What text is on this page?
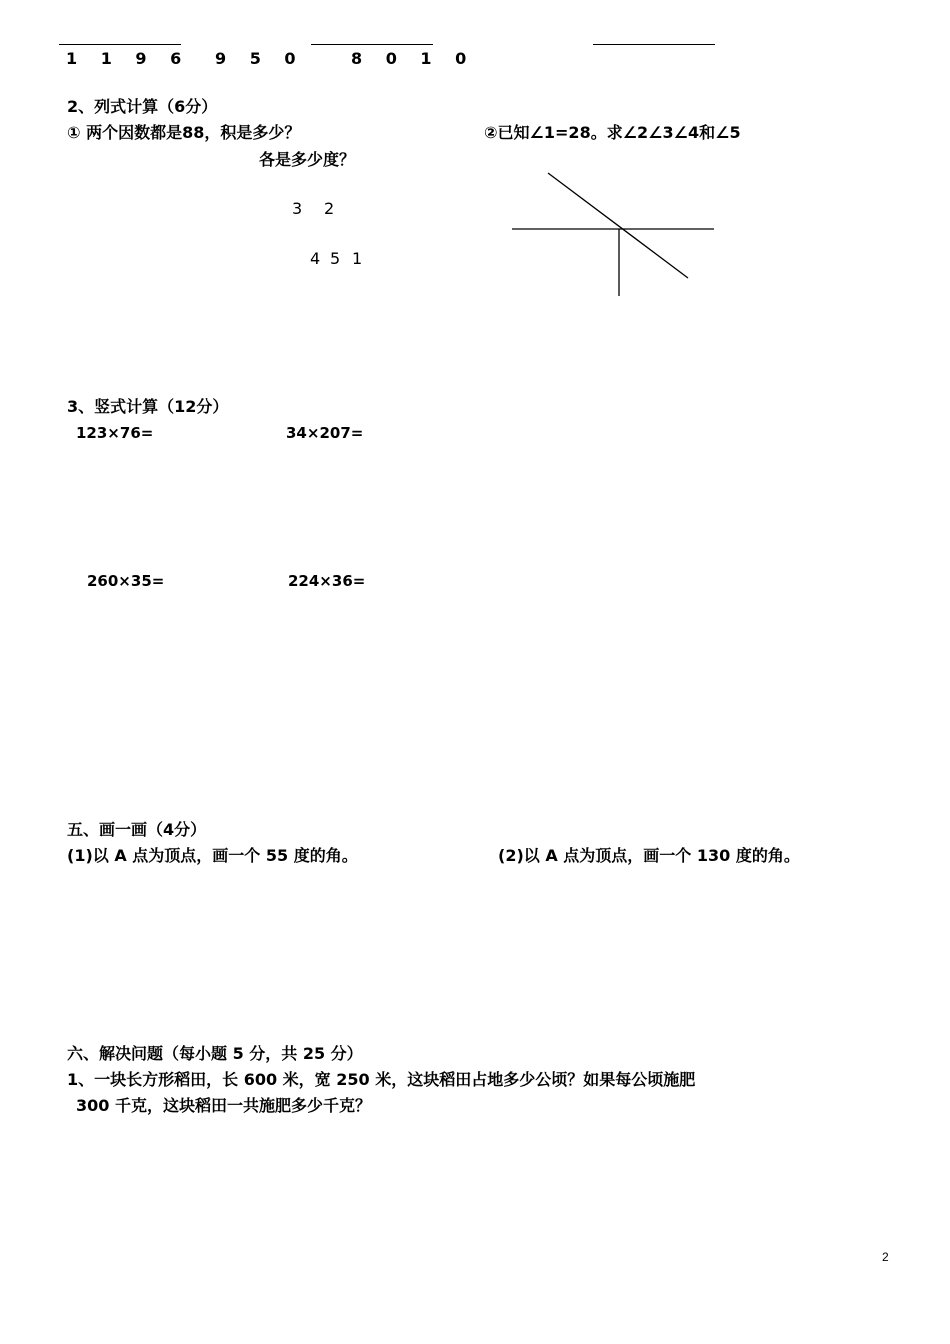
1 1 9 6 9 5 0	8 0 1 0
2、列式计算（6分）
① 两个因数都是88，积是多少？	②已知∠1=28。求∠2∠3∠4和∠5
各是多少度？
3 2
4 5 1
3、竖式计算（12分）
123×76=	34×207=
260×35=	224×36=
五、画一画（4分）
(1)以 A 点为顶点，画一个 55 度的角。	(2)以 A 点为顶点，画一个 130 度的角。
六、解决问题（每小题 5 分，共 25 分）
1、一块长方形稻田，长 600 米，宽 250 米，这块稻田占地多少公顷？如果每公顷施肥
300 千克，这块稻田一共施肥多少千克？
2
